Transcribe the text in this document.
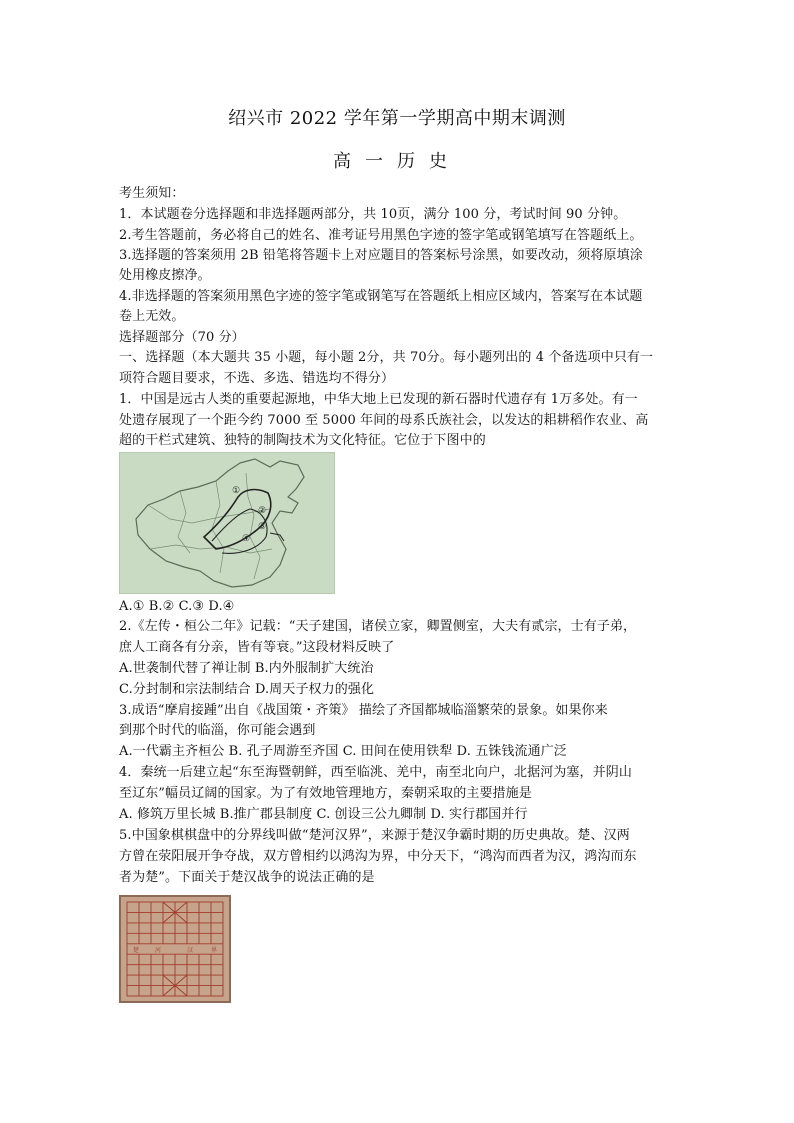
绍兴市 2022 学年第一学期高中期末调测
高一历史
考生须知：
1．本试题卷分选择题和非选择题两部分，共 10页，满分 100 分，考试时间 90 分钟。
2.考生答题前，务必将自己的姓名、准考证号用黑色字迹的签字笔或钢笔填写在答题纸上。
3.选择题的答案须用 2B 铅笔将答题卡上对应题目的答案标号涂黑，如要改动，须将原填涂
处用橡皮擦净。
4.非选择题的答案须用黑色字迹的签字笔或钢笔写在答题纸上相应区域内，答案写在本试题
卷上无效。
选择题部分（70 分）
一、选择题（本大题共 35 小题，每小题 2分，共 70分。每小题列出的 4 个备选项中只有一
项符合题目要求，不选、多选、错选均不得分）
1．中国是远古人类的重要起源地，中华大地上已发现的新石器时代遗存有 1万多处。有一
处遗存展现了一个距今约 7000 至 5000 年间的母系氏族社会，以发达的耜耕稻作农业、高
超的干栏式建筑、独特的制陶技术为文化特征。它位于下图中的
①
②
③
④
A.① B.② C.③ D.④
2.《左传・桓公二年》记载：“天子建国，诸侯立家，卿置侧室，大夫有贰宗，士有子弟，
庶人工商各有分亲，皆有等衰。”这段材料反映了
A.世袭制代替了禅让制 B.内外服制扩大统治
C.分封制和宗法制结合 D.周天子权力的强化
3.成语“摩肩接踵”出自《战国策・齐策》 描绘了齐国都城临淄繁荣的景象。如果你来
到那个时代的临淄，你可能会遇到
A.一代霸主齐桓公 B. 孔子周游至齐国 C. 田间在使用铁犁 D. 五铢钱流通广泛
4．秦统一后建立起“东至海暨朝鲜，西至临洮、羌中，南至北向户，北据河为塞，并阴山
至辽东”幅员辽阔的国家。为了有效地管理地方，秦朝采取的主要措施是
A. 修筑万里长城 B.推广郡县制度 C. 创设三公九卿制 D. 实行郡国并行
5.中国象棋棋盘中的分界线叫做“楚河汉界”，来源于楚汉争霸时期的历史典故。楚、汉两
方曾在荥阳展开争夺战，双方曾相约以鸿沟为界，中分天下，“鸿沟而西者为汉，鸿沟而东
者为楚”。下面关于楚汉战争的说法正确的是
楚	河	汉	界
